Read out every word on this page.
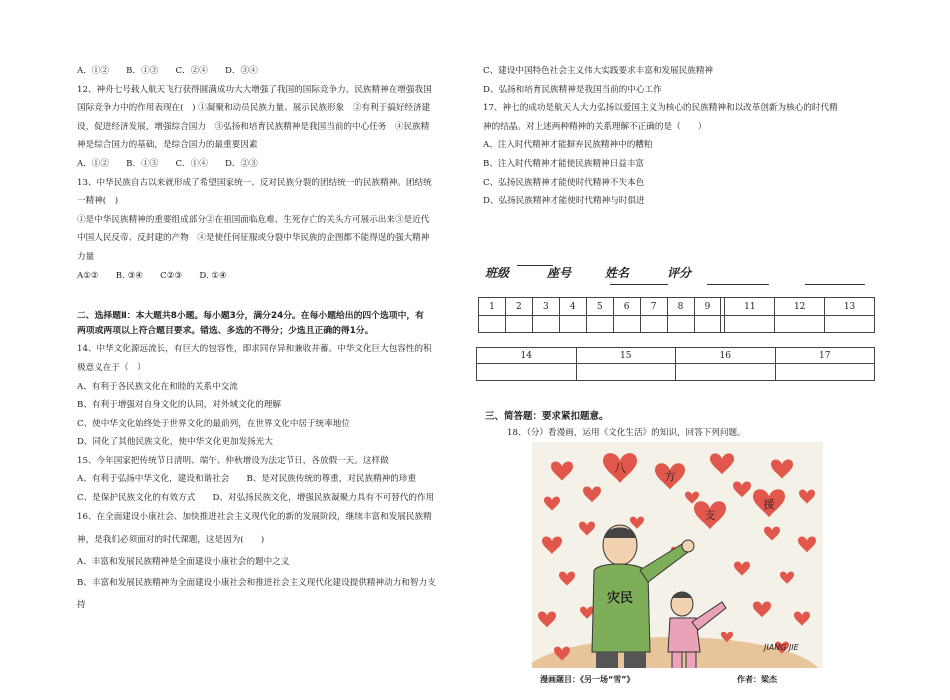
A．①②　　B．①③　　C．②④　　D．③④
12、神舟七号载人航天飞行获得圆满成功大大增强了我国的国际竞争力。民族精神在增强我国
国际竞争力中的作用表现在(　) ①凝聚和动员民族力量、展示民族形象　②有利于搞好经济建
设，促进经济发展，增强综合国力　③弘扬和培育民族精神是我国当前的中心任务　④民族精
神是综合国力的基础，是综合国力的最重要因素
A．①②　　B．①③　　C．①④　　D．②③
13、中华民族自古以来就形成了希望国家统一、反对民族分裂的团结统一的民族精神。团结统
一精神(　)
①是中华民族精神的重要组成部分②在祖国面临危难、生死存亡的关头方可展示出来③是近代
中国人民反帝、反封建的产物　④是使任何征服或分裂中华民族的企图都不能得逞的强大精神
力量
A①②　　B. ③④　　C②③　　D. ①④
二、选择题Ⅱ：本大题共8小题。每小题3分，满分24分。在每小题给出的四个选项中，有
两项或两项以上符合题目要求。错选、多选的不得分；少选且正确的得1分。
14、中华文化源远流长，有巨大的包容性，即求同存异和兼收并蓄。中华文化巨大包容性的积
极意义在于（　）
A、有利于各民族文化在和睦的关系中交流
B、有利于增强对自身文化的认同，对外域文化的理解
C、使中华文化始终处于世界文化的最前列，在世界文化中居于统率地位
D、同化了其他民族文化，使中华文化更加发扬光大
15、今年国家把传统节日清明、端午、仲秋增设为法定节日，各放假一天。这样做
A、有利于弘扬中华文化，建设和谐社会　　B、是对民族传统的尊重，对民族精神的珍重
C、是保护民族文化的有效方式　　D、对弘扬民族文化，增强民族凝聚力具有不可替代的作用
16、在全面建设小康社会、加快推进社会主义现代化的新的发展阶段，继续丰富和发展民族精
神，是我们必须面对的时代课题，这是因为(　　)
A、丰富和发展民族精神是全面建设小康社会的题中之义
B、丰富和发展民族精神为全面建设小康社会和推进社会主义现代化建设提供精神动力和智力支
持
C、建设中国特色社会主义伟大实践要求丰富和发展民族精神
D、弘扬和培育民族精神是我国当前的中心工作
17、神七的成功是航天人大力弘扬以爱国主义为核心的民族精神和以改革创新为核心的时代精
神的结晶。对上述两种精神的关系理解不正确的是（　　）
A、注入时代精神才能摒弃民族精神中的糟粕
B、注入时代精神才能使民族精神日益丰富
C、弘扬民族精神才能使时代精神不失本色
D、弘扬民族精神才能使时代精神与时俱进
班级	座号	姓名	评分
1	2	3	4	5	6	7	8	9		11	12	13

14	15	16	17

三、简答题：要求紧扣题意。
18、（分）看漫画，运用《文化生活》的知识，回答下列问题。
八
方
支
援
灾民
JIANG JIE
漫画题目：《另一场“雪”》	作者：梁杰
